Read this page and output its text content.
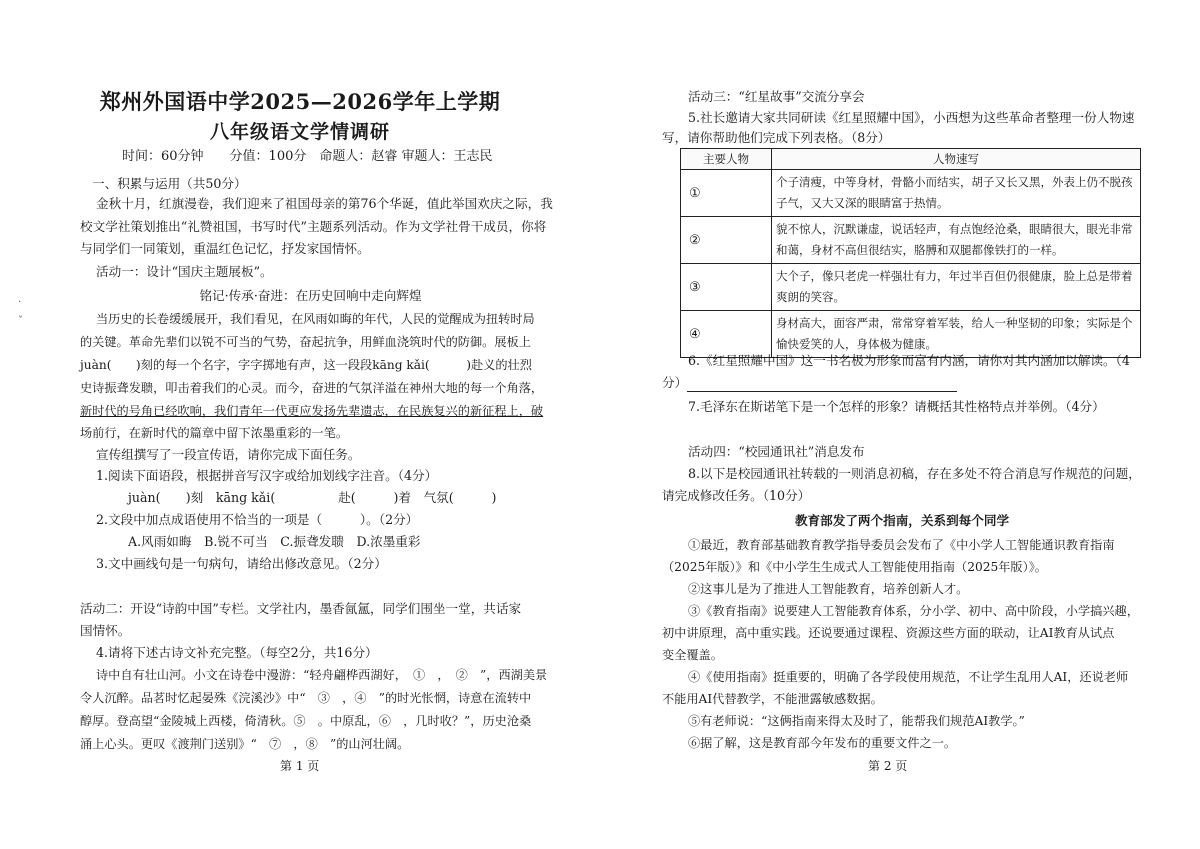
郑州外国语中学2025—2026学年上学期
八年级语文学情调研
时间：60分钟　　分值：100分　命题人：赵睿 审题人：王志民
一、积累与运用（共50分）
金秋十月，红旗漫卷，我们迎来了祖国母亲的第76个华诞，值此举国欢庆之际，我
校文学社策划推出“礼赞祖国，书写时代”主题系列活动。作为文学社骨干成员，你将
与同学们一同策划，重温红色记忆，抒发家国情怀。
活动一：设计“国庆主题展板”。
铭记·传承·奋进：在历史回响中走向辉煌
·
ˇ	当历史的长卷缓缓展开，我们看见，在风雨如晦的年代，人民的觉醒成为扭转时局
的关键。革命先辈们以锐不可当的气势，奋起抗争，用鲜血浇筑时代的防御。展板上
juàn(　　)刻的每一个名字，字字掷地有声，这一段段kāng kǎi(　　　)赴义的壮烈
史诗振聋发聩，叩击着我们的心灵。而今，奋进的气氛洋溢在神州大地的每一个角落，
新时代的号角已经吹响，我们青年一代更应发扬先辈遗志，在民族复兴的新征程上，破
场前行，在新时代的篇章中留下浓墨重彩的一笔。
宣传组撰写了一段宣传语，请你完成下面任务。
1.阅读下面语段，根据拼音写汉字或给加划线字注音。（4分）
juàn(　　)刻　kāng kǎi(　　　　　赴(　　　)着　气氛(　　　)
2.文段中加点成语使用不恰当的一项是（　　　）。（2分）
A.风雨如晦　B.锐不可当　C.振聋发聩　D.浓墨重彩
3.文中画线句是一句病句，请给出修改意见。（2分）
活动二：开设“诗韵中国”专栏。文学社内，墨香氤氲，同学们围坐一堂，共话家
国情怀。
4.请将下述古诗文补充完整。（每空2分，共16分）
诗中自有壮山河。小文在诗卷中漫游：“轻舟翩桦西湖好，　①　，　②　”，西湖美景
令人沉醉。品茗时忆起晏殊《浣溪沙》中“　③　，④　”的时光怅惘，诗意在流转中
醇厚。登高望“金陵城上西楼，倚清秋。⑤　。中原乱，⑥　，几时收？”，历史沧桑
涌上心头。更叹《渡荆门送别》“　⑦　，⑧　”的山河壮阔。
第 1 页
活动三：“红星故事”交流分享会
5.社长邀请大家共同研读《红星照耀中国》，小西想为这些革命者整理一份人物速
写，请你帮助他们完成下列表格。（8分）
主要人物	人物速写
①	个子清瘦，中等身材，骨骼小而结实，胡子又长又黑，外表上仍不脱孩子气，又大又深的眼睛富于热情。
②	貌不惊人，沉默谦虚，说话轻声，有点饱经沧桑，眼睛很大，眼光非常和蔼，身材不高但很结实，胳膊和双腿都像铁打的一样。
③	大个子，像只老虎一样强壮有力，年过半百但仍很健康，脸上总是带着爽朗的笑容。
④	身材高大，面容严肃，常常穿着军装，给人一种坚韧的印象；实际是个愉快爱笑的人，身体极为健康。
6.《红星照耀中国》这一书名极为形象而富有内涵，请你对其内涵加以解读。（4
分）
7.毛泽东在斯诺笔下是一个怎样的形象？请概括其性格特点并举例。（4分）
活动四：“校园通讯社”消息发布
8.以下是校园通讯社转载的一则消息初稿，存在多处不符合消息写作规范的问题，
请完成修改任务。（10分）
教育部发了两个指南，关系到每个同学
①最近，教育部基础教育教学指导委员会发布了《中小学人工智能通识教育指南
（2025年版）》和《中小学生生成式人工智能使用指南（2025年版）》。
②这事儿是为了推进人工智能教育，培养创新人才。
③《教育指南》说要建人工智能教育体系，分小学、初中、高中阶段，小学搞兴趣，
初中讲原理，高中重实践。还说要通过课程、资源这些方面的联动，让AI教育从试点
变全覆盖。
④《使用指南》挺重要的，明确了各学段使用规范，不让学生乱用人AI，还说老师
不能用AI代替教学，不能泄露敏感数据。
⑤有老师说：“这俩指南来得太及时了，能帮我们规范AI教学。”
⑥据了解，这是教育部今年发布的重要文件之一。
第 2 页
